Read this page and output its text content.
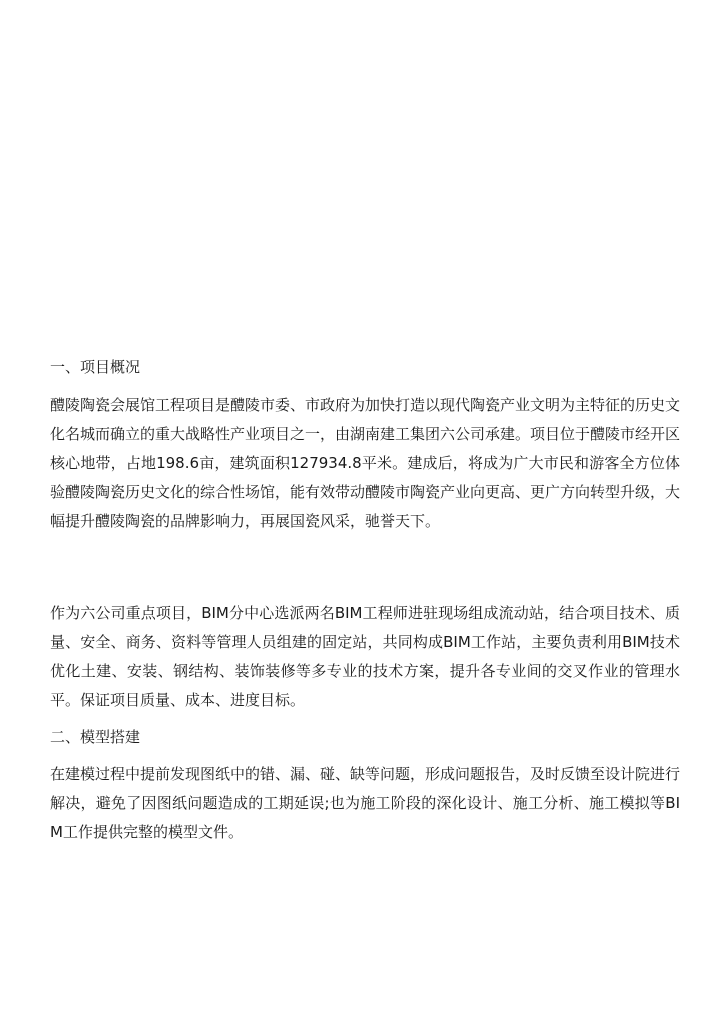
一、项目概况

醴陵陶瓷会展馆工程项目是醴陵市委、市政府为加快打造以现代陶瓷产业文明为主特征的历史文化名城而确立的重大战略性产业项目之一，由湖南建工集团六公司承建。项目位于醴陵市经开区核心地带，占地198.6亩，建筑面积127934.8平米。建成后，将成为广大市民和游客全方位体验醴陵陶瓷历史文化的综合性场馆，能有效带动醴陵市陶瓷产业向更高、更广方向转型升级，大幅提升醴陵陶瓷的品牌影响力，再展国瓷风采，驰誉天下。

作为六公司重点项目，BIM分中心选派两名BIM工程师进驻现场组成流动站，结合项目技术、质量、安全、商务、资料等管理人员组建的固定站，共同构成BIM工作站，主要负责利用BIM技术优化土建、安装、钢结构、装饰装修等多专业的技术方案，提升各专业间的交叉作业的管理水平。保证项目质量、成本、进度目标。

二、模型搭建

在建模过程中提前发现图纸中的错、漏、碰、缺等问题，形成问题报告，及时反馈至设计院进行解决，避免了因图纸问题造成的工期延误;也为施工阶段的深化设计、施工分析、施工模拟等BIM工作提供完整的模型文件。
